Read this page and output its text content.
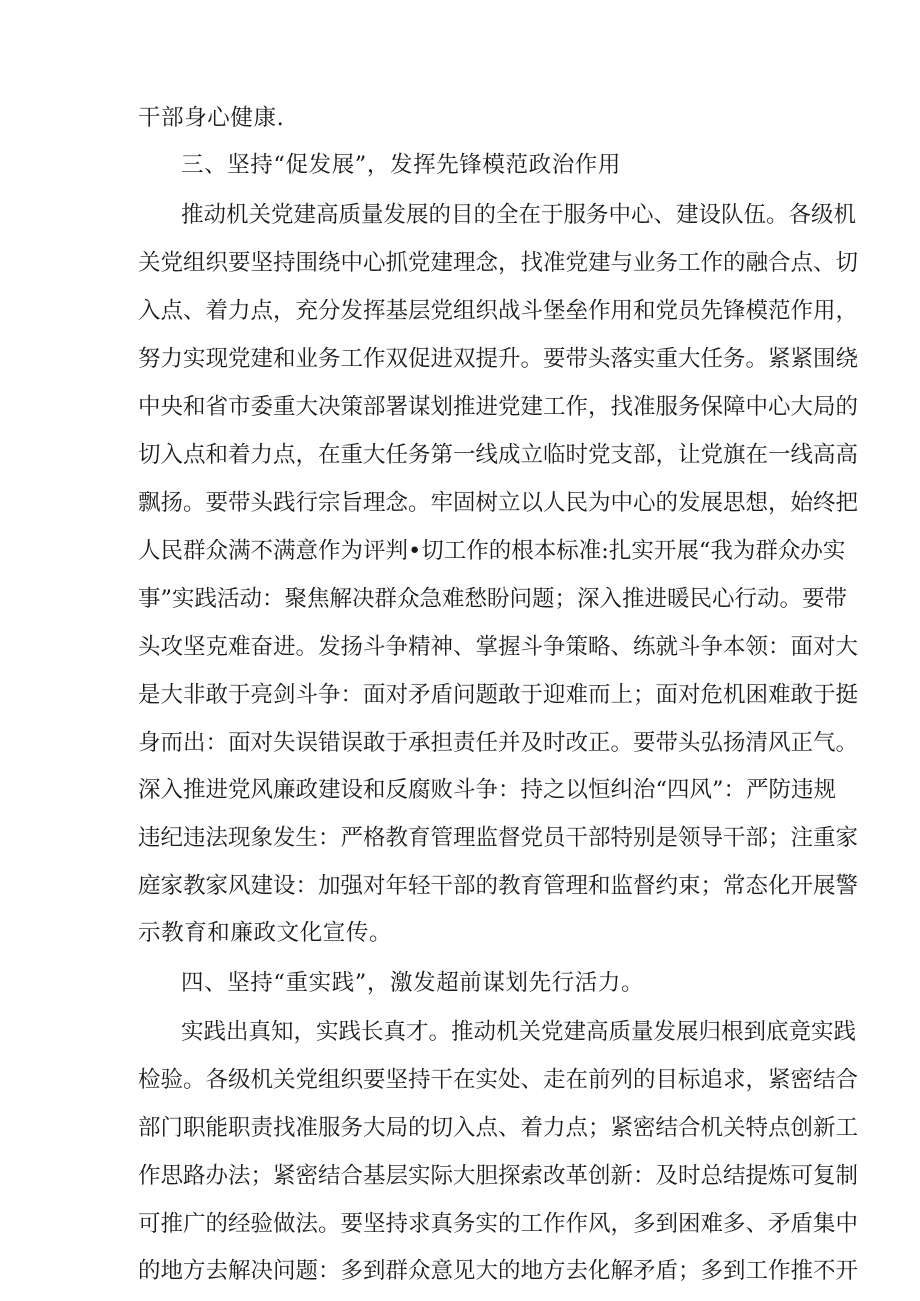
干部身心健康.
三、坚持“促发展”，发挥先锋模范政治作用
推动机关党建高质量发展的目的全在于服务中心、建设队伍。各级机
关党组织要坚持围绕中心抓党建理念，找准党建与业务工作的融合点、切
入点、着力点，充分发挥基层党组织战斗堡垒作用和党员先锋模范作用，
努力实现党建和业务工作双促进双提升。要带头落实重大任务。紧紧围绕
中央和省市委重大决策部署谋划推进党建工作，找准服务保障中心大局的
切入点和着力点，在重大任务第一线成立临时党支部，让党旗在一线高高
飘扬。要带头践行宗旨理念。牢固树立以人民为中心的发展思想，始终把
人民群众满不满意作为评判•切工作的根本标准:扎实开展“我为群众办实
事”实践活动：聚焦解决群众急难愁盼问题；深入推进暖民心行动。要带
头攻坚克难奋进。发扬斗争精神、掌握斗争策略、练就斗争本领：面对大
是大非敢于亮剑斗争：面对矛盾问题敢于迎难而上；面对危机困难敢于挺
身而出：面对失误错误敢于承担责任并及时改正。要带头弘扬清风正气。
深入推进党风廉政建设和反腐败斗争：持之以恒纠治“四风”：严防违规
违纪违法现象发生：严格教育管理监督党员干部特别是领导干部；注重家
庭家教家风建设：加强对年轻干部的教育管理和监督约束；常态化开展警
示教育和廉政文化宣传。
四、坚持“重实践”，激发超前谋划先行活力。
实践出真知，实践长真才。推动机关党建高质量发展归根到底竟实践
检验。各级机关党组织要坚持干在实处、走在前列的目标追求，紧密结合
部门职能职责找准服务大局的切入点、着力点；紧密结合机关特点创新工
作思路办法；紧密结合基层实际大胆探索改革创新：及时总结提炼可复制
可推广的经验做法。要坚持求真务实的工作作风，多到困难多、矛盾集中
的地方去解决问题：多到群众意见大的地方去化解矛盾；多到工作推不开
